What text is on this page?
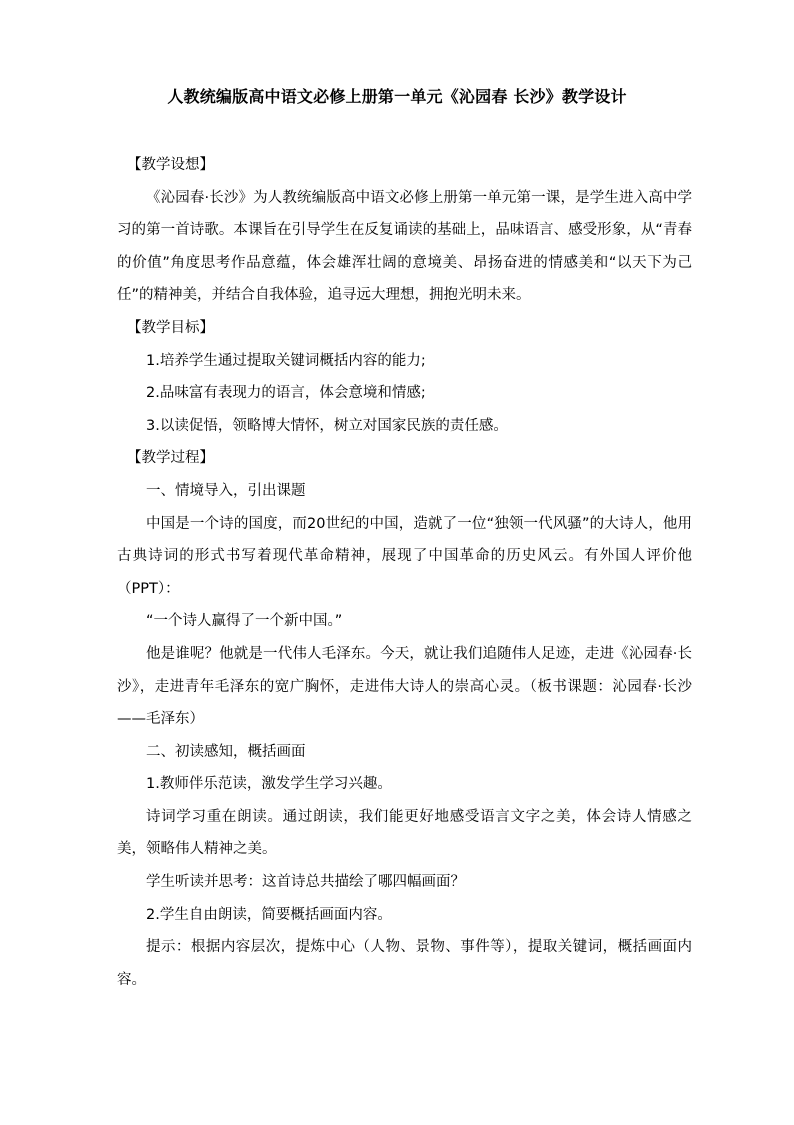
人教统编版高中语文必修上册第一单元《沁园春 长沙》教学设计

【教学设想】

《沁园春·长沙》为人教统编版高中语文必修上册第一单元第一课，是学生进入高中学习的第一首诗歌。本课旨在引导学生在反复诵读的基础上，品味语言、感受形象，从“青春的价值”角度思考作品意蕴，体会雄浑壮阔的意境美、昂扬奋进的情感美和“以天下为己任”的精神美，并结合自我体验，追寻远大理想，拥抱光明未来。

【教学目标】

1.培养学生通过提取关键词概括内容的能力;

2.品味富有表现力的语言，体会意境和情感;

3.以读促悟，领略博大情怀，树立对国家民族的责任感。

【教学过程】

一、情境导入，引出课题

中国是一个诗的国度，而20世纪的中国，造就了一位“独领一代风骚”的大诗人，他用古典诗词的形式书写着现代革命精神，展现了中国革命的历史风云。有外国人评价他（PPT）：

“一个诗人赢得了一个新中国。”

他是谁呢？他就是一代伟人毛泽东。今天，就让我们追随伟人足迹，走进《沁园春·长沙》，走进青年毛泽东的宽广胸怀，走进伟大诗人的崇高心灵。（板书课题：沁园春·长沙——毛泽东）

二、初读感知，概括画面

1.教师伴乐范读，激发学生学习兴趣。

诗词学习重在朗读。通过朗读，我们能更好地感受语言文字之美，体会诗人情感之美，领略伟人精神之美。

学生听读并思考：这首诗总共描绘了哪四幅画面？

2.学生自由朗读，简要概括画面内容。

提示：根据内容层次，提炼中心（人物、景物、事件等），提取关键词，概括画面内容。
